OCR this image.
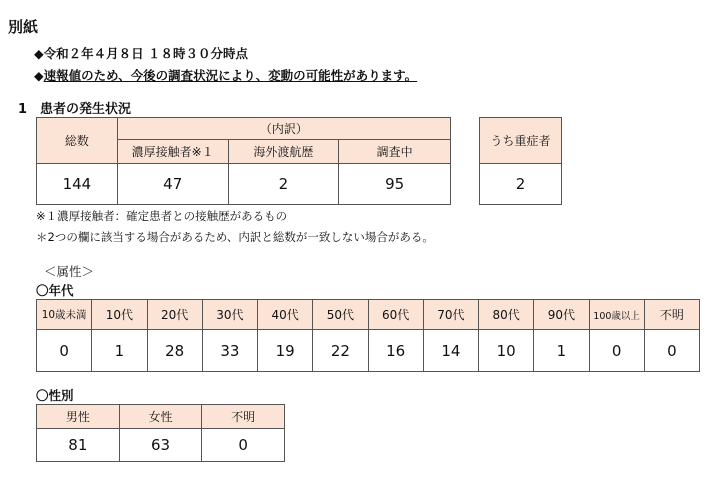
別紙
◆令和２年４月８日 １８時３０分時点
◆速報値のため、今後の調査状況により、変動の可能性があります。
1　患者の発生状況
総数	（内訳）		
	濃厚接触者※１	海外渡航歴	調査中
144	47	2	95
うち重症者
2
※１濃厚接触者：確定患者との接触歴があるもの
＊2つの欄に該当する場合があるため、内訳と総数が一致しない場合がある。
＜属性＞
〇年代
10歳未満	10代	20代	30代	40代	50代	60代	70代	80代	90代	100歳以上	不明
0	1	28	33	19	22	16	14	10	1	0	0
〇性別
男性	女性	不明
81	63	0
